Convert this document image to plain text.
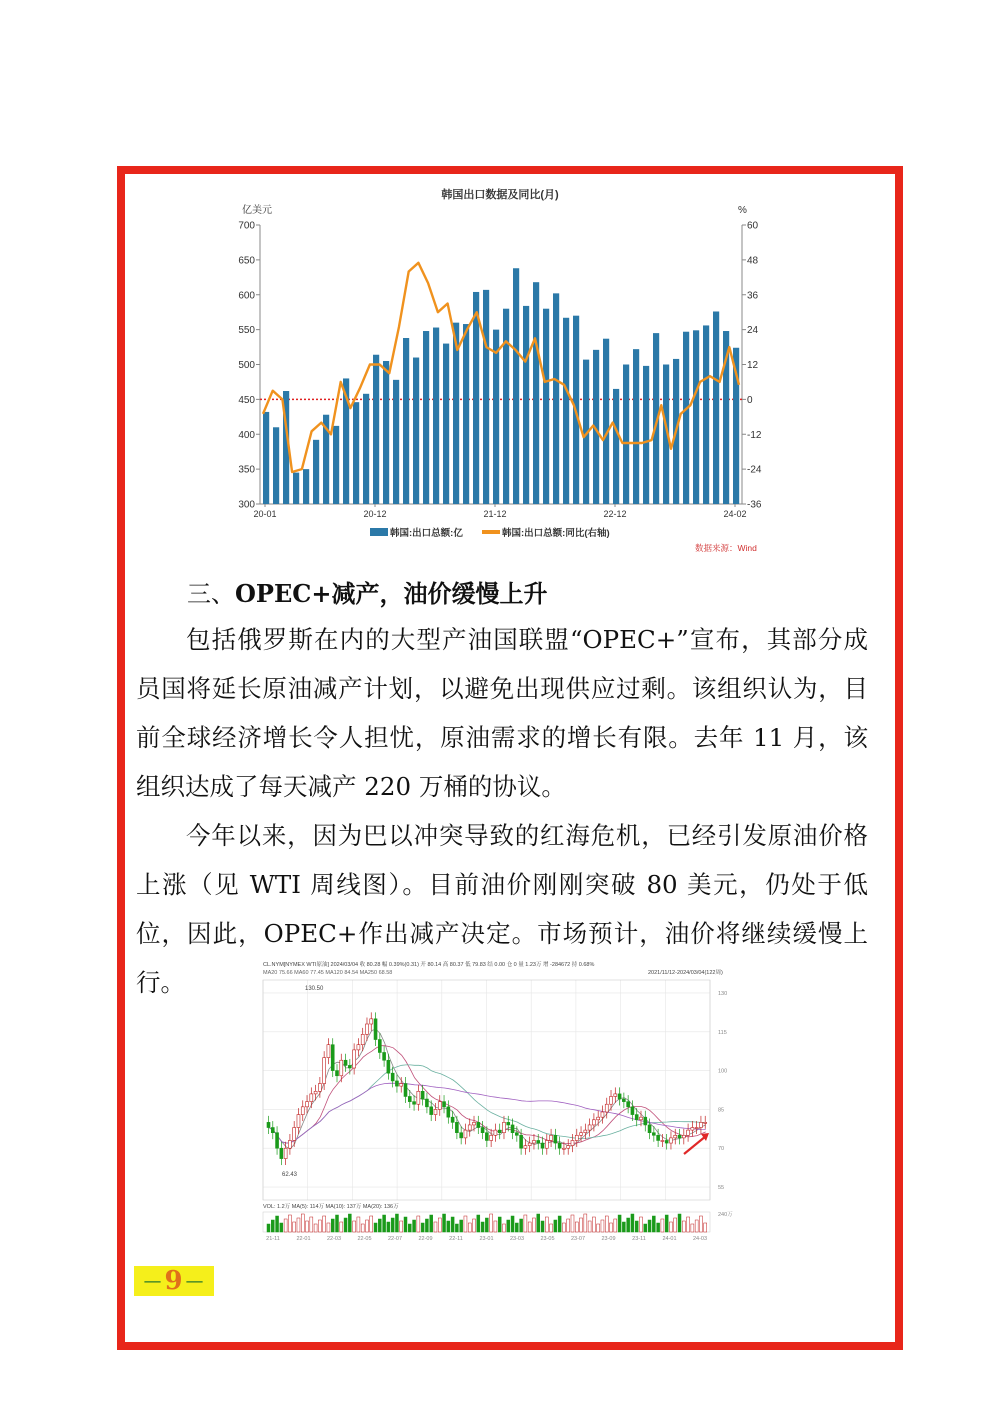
韩国出口数据及同比(月)
亿美元	%
700
650
600
550
500
450
400
350
300
60
48
36
24
12
0
-12
-24
-36
20-01	20-12	21-12	22-12	24-02
韩国:出口总额:亿	韩国:出口总额:同比(右轴)
数据来源：Wind

三、OPEC+减产，油价缓慢上升

包括俄罗斯在内的大型产油国联盟“OPEC+”宣布，其部分成员国将延长原油减产计划，以避免出现供应过剩。该组织认为，目前全球经济增长令人担忧，原油需求的增长有限。去年 11 月，该组织达成了每天减产 220 万桶的协议。

今年以来，因为巴以冲突导致的红海危机，已经引发原油价格上涨（见 WTI 周线图）。目前油价刚刚突破 80 美元，仍处于低位，因此，OPEC+作出减产决定。市场预计，油价将继续缓慢上行。

CL.NYM[NYMEX WTI原油] 2024/03/04 收 80.28 幅 0.39%(0.31) 开 80.14 高 80.37 低 79.83 结 0.00 仓 0 量 1.23万 增 -284672 持 0.68%
2021/11/12-2024/03/04(122周)
MA20 75.66 MA60 77.45 MA120 84.54 MA250 68.58
130
115
100
85
70
55
130.50
62.43
VOL: 1.2万 MA(5): 114万 MA(10): 137万 MA(20): 136万
240万
21-11	22-01	22-03	22-05	22-07	22-09	22-11	23-01	23-03	23-05	23-07	23-09	23-11	24-01	24-03
— 9 —
